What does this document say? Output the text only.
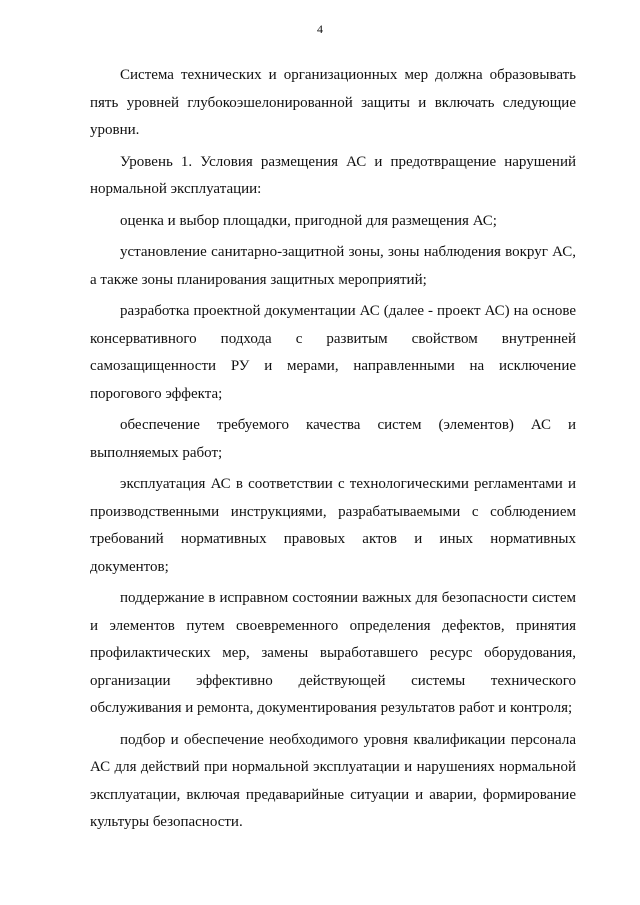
4

Система технических и организационных мер должна образовывать пять уровней глубокоэшелонированной защиты и включать следующие уровни.

Уровень 1. Условия размещения АС и предотвращение нарушений нормальной эксплуатации:

оценка и выбор площадки, пригодной для размещения АС;

установление санитарно-защитной зоны, зоны наблюдения вокруг АС, а также зоны планирования защитных мероприятий;

разработка проектной документации АС (далее - проект АС) на основе консервативного подхода с развитым свойством внутренней самозащищенности РУ и мерами, направленными на исключение порогового эффекта;

обеспечение требуемого качества систем (элементов) АС и выполняемых работ;

эксплуатация АС в соответствии с технологическими регламентами и производственными инструкциями, разрабатываемыми с соблюдением требований нормативных правовых актов и иных нормативных документов;

поддержание в исправном состоянии важных для безопасности систем и элементов путем своевременного определения дефектов, принятия профилактических мер, замены выработавшего ресурс оборудования, организации эффективно действующей системы технического обслуживания и ремонта, документирования результатов работ и контроля;

подбор и обеспечение необходимого уровня квалификации персонала АС для действий при нормальной эксплуатации и нарушениях нормальной эксплуатации, включая предаварийные ситуации и аварии, формирование культуры безопасности.
